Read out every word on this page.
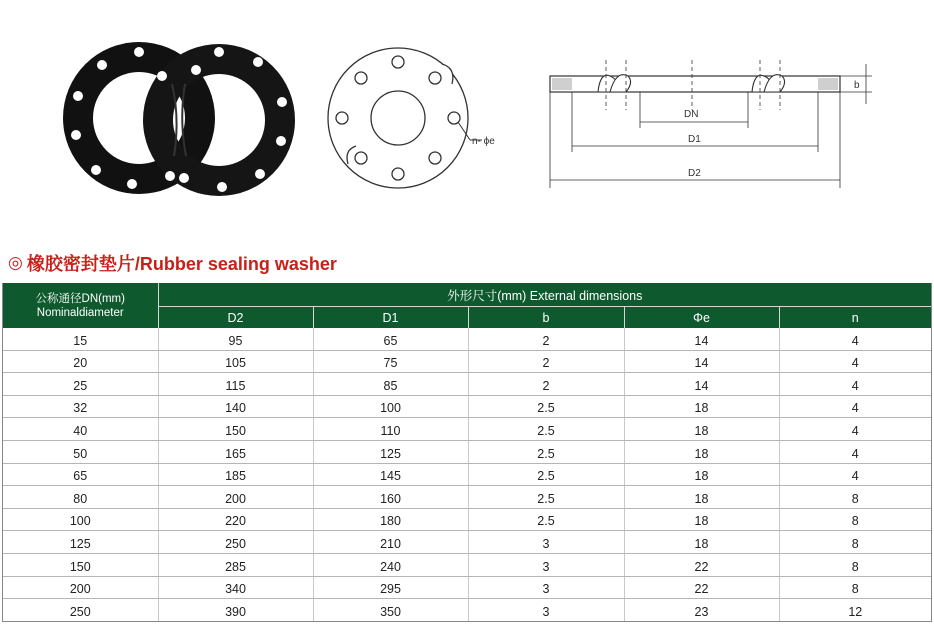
n- ϕe
DN
D1
D2
b
◎ 橡胶密封垫片/Rubber sealing washer
公称通径DN(mm)
Nominaldiameter	外形尺寸(mm) External dimensions				
	D2	D1	b	Φe	n
15	95	65	2	14	4
20	105	75	2	14	4
25	115	85	2	14	4
32	140	100	2.5	18	4
40	150	110	2.5	18	4
50	165	125	2.5	18	4
65	185	145	2.5	18	4
80	200	160	2.5	18	8
100	220	180	2.5	18	8
125	250	210	3	18	8
150	285	240	3	22	8
200	340	295	3	22	8
250	390	350	3	23	12
